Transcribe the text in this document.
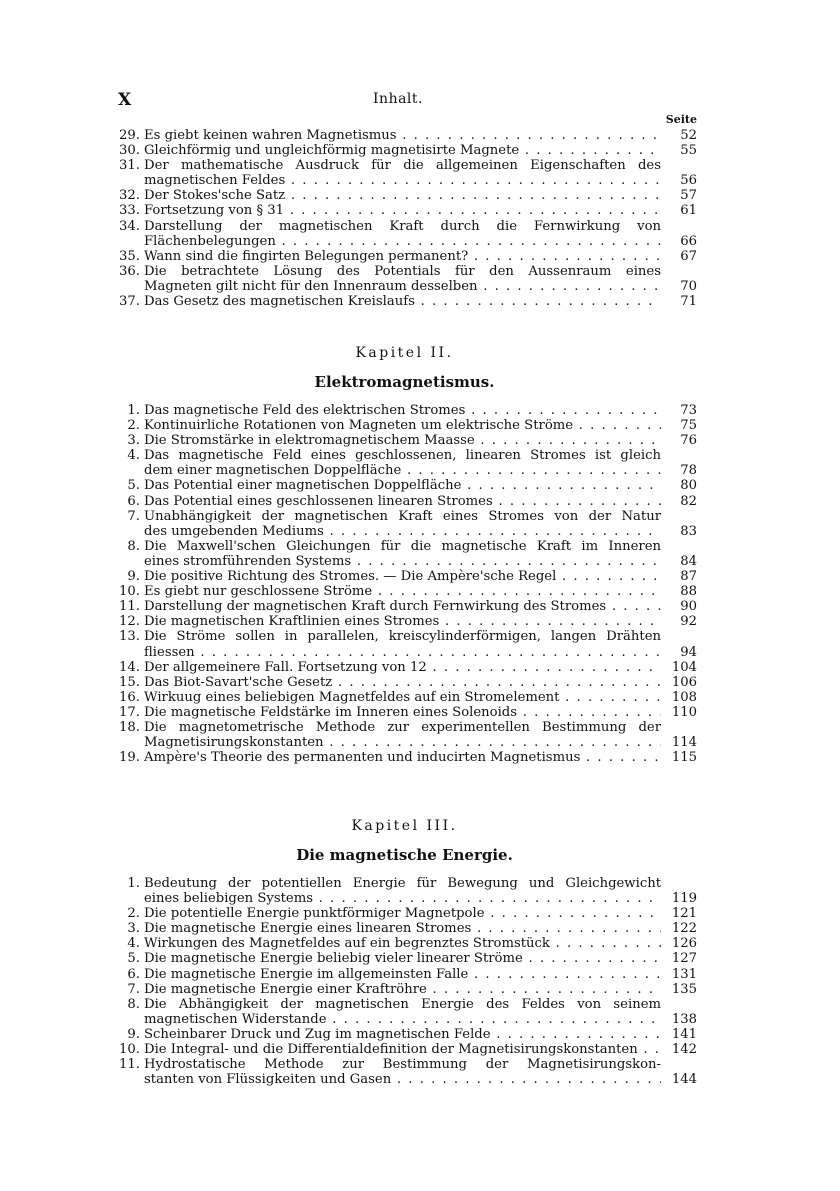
X	Inhalt.
Seite
29. Es giebt keinen wahren Magnetismus . . .	52
30. Gleichförmig und ungleichförmig magnetisirte Magnete . . .	55
31. Der mathematische Ausdruck für die allgemeinen Eigenschaften des
magnetischen Feldes . . .	56
32. Der Stokes'sche Satz . . .	57
33. Fortsetzung von § 31 . . .	61
34. Darstellung der magnetischen Kraft durch die Fernwirkung von
Flächenbelegungen . . .	66
35. Wann sind die fingirten Belegungen permanent? . . .	67
36. Die betrachtete Lösung des Potentials für den Aussenraum eines
Magneten gilt nicht für den Innenraum desselben . . .	70
37. Das Gesetz des magnetischen Kreislaufs . . .	71
Kapitel II.
Elektromagnetismus.
1. Das magnetische Feld des elektrischen Stromes . . .	73
2. Kontinuirliche Rotationen von Magneten um elektrische Ströme . . .	75
3. Die Stromstärke in elektromagnetischem Maasse . . .	76
4. Das magnetische Feld eines geschlossenen, linearen Stromes ist gleich
dem einer magnetischen Doppelfläche . . .	78
5. Das Potential einer magnetischen Doppelfläche . . .	80
6. Das Potential eines geschlossenen linearen Stromes . . .	82
7. Unabhängigkeit der magnetischen Kraft eines Stromes von der Natur
des umgebenden Mediums . . .	83
8. Die Maxwell'schen Gleichungen für die magnetische Kraft im Inneren
eines stromführenden Systems . . .	84
9. Die positive Richtung des Stromes. — Die Ampère'sche Regel . . .	87
10. Es giebt nur geschlossene Ströme . . .	88
11. Darstellung der magnetischen Kraft durch Fernwirkung des Stromes . . .	90
12. Die magnetischen Kraftlinien eines Stromes . . .	92
13. Die Ströme sollen in parallelen, kreiscylinderförmigen, langen Drähten
fliessen . . .	94
14. Der allgemeinere Fall. Fortsetzung von 12 . . .	104
15. Das Biot-Savart'sche Gesetz . . .	106
16. Wirkuug eines beliebigen Magnetfeldes auf ein Stromelement . . .	108
17. Die magnetische Feldstärke im Inneren eines Solenoids . . .	110
18. Die magnetometrische Methode zur experimentellen Bestimmung der
Magnetisirungskonstanten . . .	114
19. Ampère's Theorie des permanenten und inducirten Magnetismus . . .	115
Kapitel III.
Die magnetische Energie.
1. Bedeutung der potentiellen Energie für Bewegung und Gleichgewicht
eines beliebigen Systems . . .	119
2. Die potentielle Energie punktförmiger Magnetpole . . .	121
3. Die magnetische Energie eines linearen Stromes . . .	122
4. Wirkungen des Magnetfeldes auf ein begrenztes Stromstück . . .	126
5. Die magnetische Energie beliebig vieler linearer Ströme . . .	127
6. Die magnetische Energie im allgemeinsten Falle . . .	131
7. Die magnetische Energie einer Kraftröhre . . .	135
8. Die Abhängigkeit der magnetischen Energie des Feldes von seinem
magnetischen Widerstande . . .	138
9. Scheinbarer Druck und Zug im magnetischen Felde . . .	141
10. Die Integral- und die Differentialdefinition der Magnetisirungskonstanten . . .	142
11. Hydrostatische Methode zur Bestimmung der Magnetisirungskon-
stanten von Flüssigkeiten und Gasen . . .	144
